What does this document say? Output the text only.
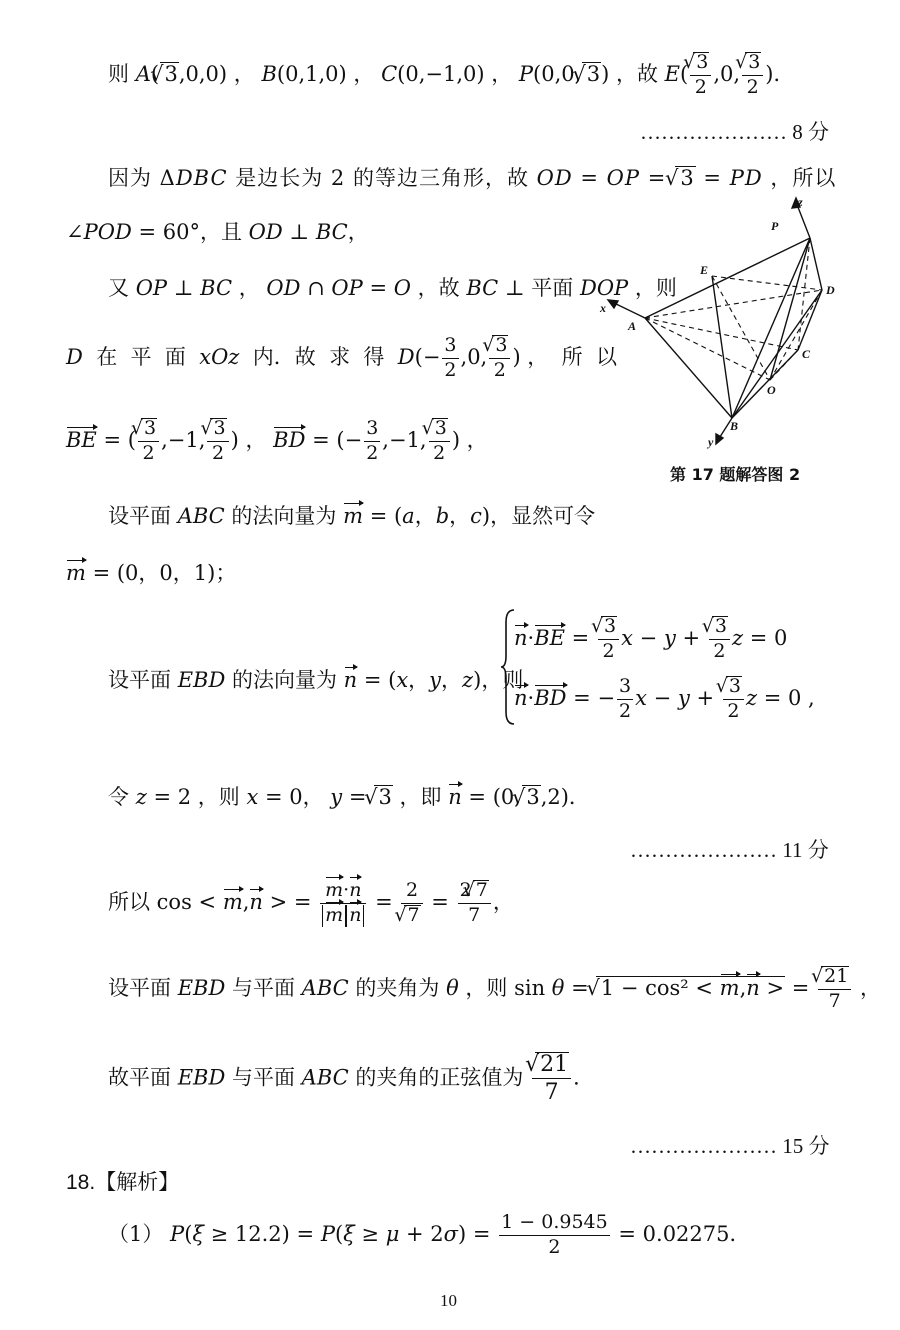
则 A( √ 3,0,0) ， B(0,1,0) ， C(0,−1,0) ， P(0,0, √ 3) ，故 E( √ $\frac{3}{2} ,0$, √ $\frac{3}{2}$ )．
………………… 8 分
因为 ΔDBC 是边长为 2 的等边三角形，故 OD = OP = √ 3 = PD ，所以
∠POD = 60°，且 OD ⊥ BC，
又 OP ⊥ BC ， OD ∩ OP = O ，故 BC ⊥ 平面 DOP ，则
D  在  平  面  xOz  内．故  求  得  $D(- \frac{3}{2} ,0$, √ $\frac{3}{2}$ ) ，  所  以
BE = ( √ $\frac{3}{2} ,-1$, √ $\frac{3}{2}$ ) ， BD = (− $\frac{3}{2} ,-1$, √ $\frac{3}{2}$ ) ，
P
z
E
D
x
A
C
O
B
y
第 17 题解答图 2
设平面 ABC 的法向量为 m = (a，b，c)，显然可令
m = (0，0，1)；
设平面 EBD 的法向量为 n = (x，y，z)，则
n·BE = √ $\frac{3}{2}$ x − y + √ $\frac{3}{2}$ z = 0
n·BD = − $\frac{3}{2}$ x − y + √ $\frac{3}{2}$ z = 0 ,
令 z = 2 ，则 x = 0， y = √ 3 ，即 n = (0, √ 3,2)．
………………… 11 分
所以 cos < m,n > = $\frac{m\cdot n}{\text{m n}} = 2$
√ $7 = \frac{2 √ 7}{7}$ ，
设平面 EBD 与平面 ABC 的夹角为 θ ，则 sin θ = √ 1 − cos² < m,n > = √ $\frac{21}{7}$ ，
故平面 EBD 与平面 ABC 的夹角的正弦值为 √ $\frac{21}{7}$ ．
………………… 15 分
18.【解析】
（1） $P(\xi \ge 12.2) = P(\xi \ge \mu + 2\sigma) = \frac{1 - 0.9545}{2} = 0.02275$．
10
